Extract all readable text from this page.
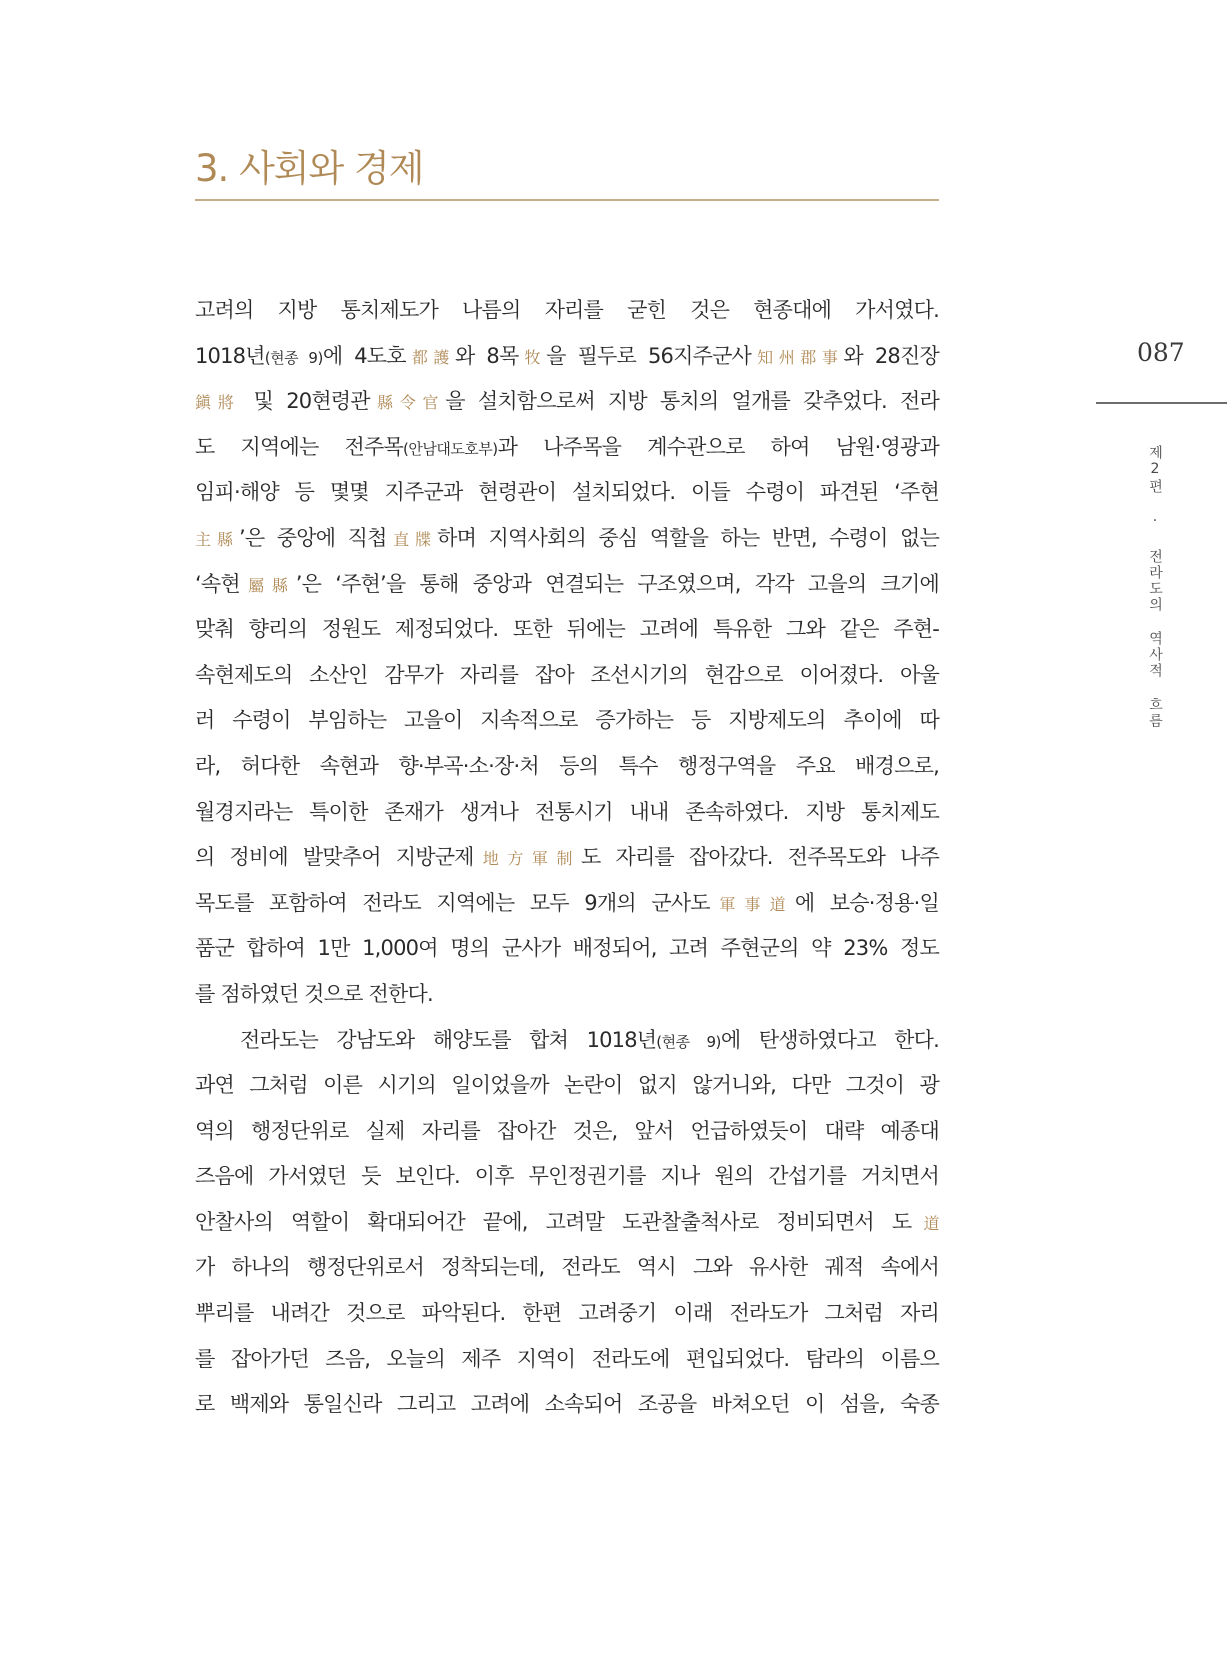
3. 사회와 경제
고려의 지방 통치제도가 나름의 자리를 굳힌 것은 현종대에 가서였다.
1018년(현종 9)에 4도호都護와 8목牧을 필두로 56지주군사知州郡事와 28진장
鎭將 및 20현령관縣令官을 설치함으로써 지방 통치의 얼개를 갖추었다. 전라
도 지역에는 전주목(안남대도호부)과 나주목을 계수관으로 하여 남원·영광과
임피·해양 등 몇몇 지주군과 현령관이 설치되었다. 이들 수령이 파견된 ‘주현
主縣’은 중앙에 직첩直牒하며 지역사회의 중심 역할을 하는 반면, 수령이 없는
‘속현屬縣’은 ‘주현’을 통해 중앙과 연결되는 구조였으며, 각각 고을의 크기에
맞춰 향리의 정원도 제정되었다. 또한 뒤에는 고려에 특유한 그와 같은 주현-
속현제도의 소산인 감무가 자리를 잡아 조선시기의 현감으로 이어졌다. 아울
러 수령이 부임하는 고을이 지속적으로 증가하는 등 지방제도의 추이에 따
라, 허다한 속현과 향·부곡·소·장·처 등의 특수 행정구역을 주요 배경으로,
월경지라는 특이한 존재가 생겨나 전통시기 내내 존속하였다. 지방 통치제도
의 정비에 발맞추어 지방군제地方軍制도 자리를 잡아갔다. 전주목도와 나주
목도를 포함하여 전라도 지역에는 모두 9개의 군사도軍事道에 보승·정용·일
품군 합하여 1만 1,000여 명의 군사가 배정되어, 고려 주현군의 약 23% 정도
를 점하였던 것으로 전한다.
전라도는 강남도와 해양도를 합쳐 1018년(현종 9)에 탄생하였다고 한다.
과연 그처럼 이른 시기의 일이었을까 논란이 없지 않거니와, 다만 그것이 광
역의 행정단위로 실제 자리를 잡아간 것은, 앞서 언급하였듯이 대략 예종대
즈음에 가서였던 듯 보인다. 이후 무인정권기를 지나 원의 간섭기를 거치면서
안찰사의 역할이 확대되어간 끝에, 고려말 도관찰출척사로 정비되면서 도道
가 하나의 행정단위로서 정착되는데, 전라도 역시 그와 유사한 궤적 속에서
뿌리를 내려간 것으로 파악된다. 한편 고려중기 이래 전라도가 그처럼 자리
를 잡아가던 즈음, 오늘의 제주 지역이 전라도에 편입되었다. 탐라의 이름으
로 백제와 통일신라 그리고 고려에 소속되어 조공을 바쳐오던 이 섬을, 숙종
087
제2편 · 전라도의 역사적 흐름
